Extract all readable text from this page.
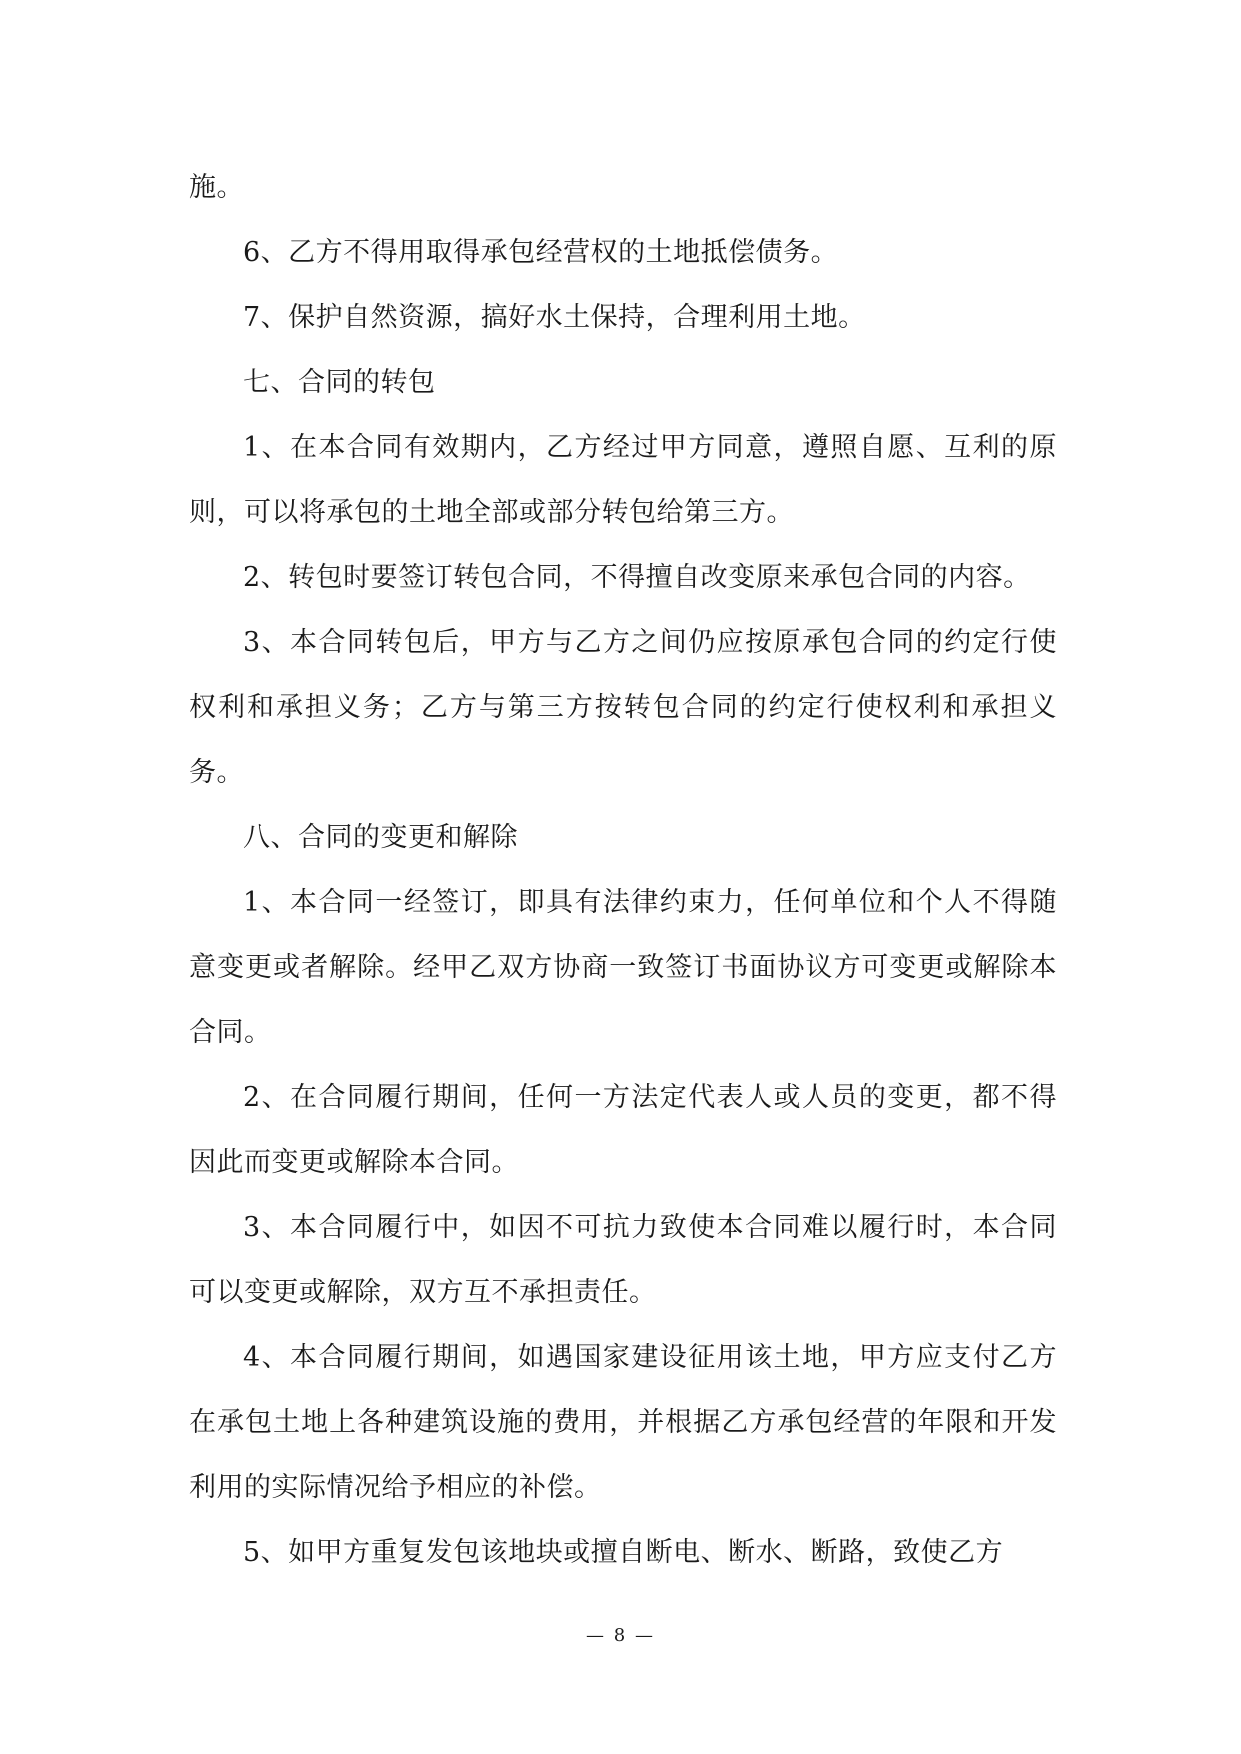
施。

6、乙方不得用取得承包经营权的土地抵偿债务。

7、保护自然资源，搞好水土保持，合理利用土地。

七、合同的转包

1、在本合同有效期内，乙方经过甲方同意，遵照自愿、互利的原则，可以将承包的土地全部或部分转包给第三方。

2、转包时要签订转包合同，不得擅自改变原来承包合同的内容。

3、本合同转包后，甲方与乙方之间仍应按原承包合同的约定行使权利和承担义务；乙方与第三方按转包合同的约定行使权利和承担义务。

八、合同的变更和解除

1、本合同一经签订，即具有法律约束力，任何单位和个人不得随意变更或者解除。经甲乙双方协商一致签订书面协议方可变更或解除本合同。

2、在合同履行期间，任何一方法定代表人或人员的变更，都不得因此而变更或解除本合同。

3、本合同履行中，如因不可抗力致使本合同难以履行时，本合同可以变更或解除，双方互不承担责任。

4、本合同履行期间，如遇国家建设征用该土地，甲方应支付乙方在承包土地上各种建筑设施的费用，并根据乙方承包经营的年限和开发利用的实际情况给予相应的补偿。

5、如甲方重复发包该地块或擅自断电、断水、断路，致使乙方

— 8 —
